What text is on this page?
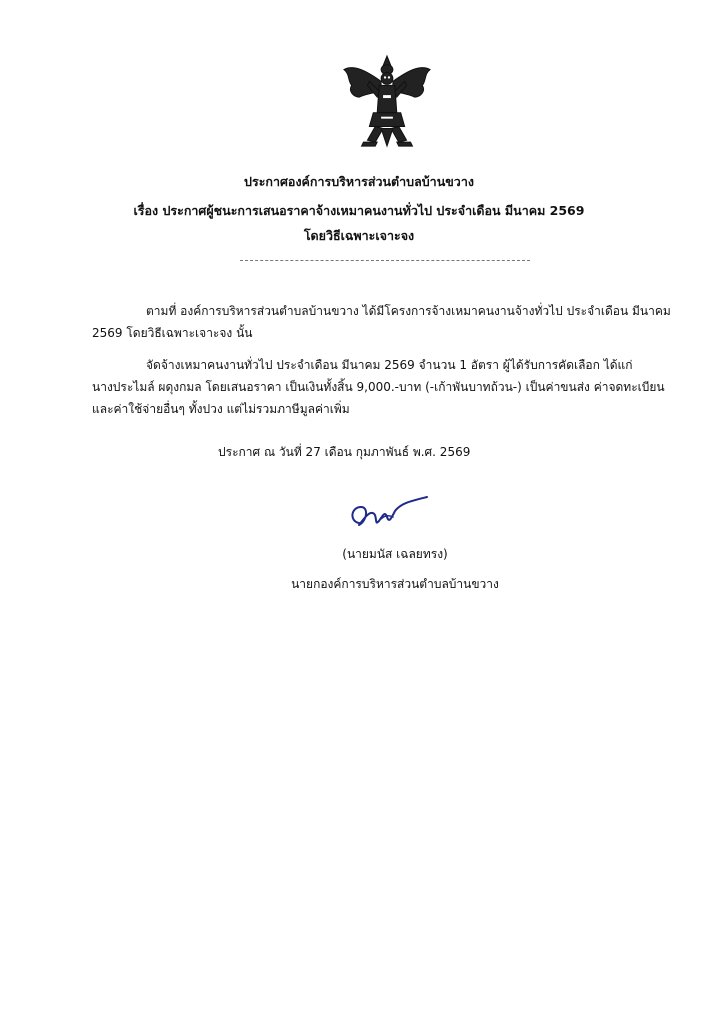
ประกาศองค์การบริหารส่วนตำบลบ้านขวาง
เรื่อง ประกาศผู้ชนะการเสนอราคาจ้างเหมาคนงานทั่วไป ประจำเดือน มีนาคม 2569
โดยวิธีเฉพาะเจาะจง
ตามที่ องค์การบริหารส่วนตำบลบ้านขวาง ได้มีโครงการจ้างเหมาคนงานจ้างทั่วไป ประจำเดือน มีนาคม
2569 โดยวิธีเฉพาะเจาะจง นั้น
จัดจ้างเหมาคนงานทั่วไป ประจำเดือน มีนาคม 2569 จำนวน 1 อัตรา ผู้ได้รับการคัดเลือก ได้แก่
นางประไมล์ ผดุงกมล โดยเสนอราคา เป็นเงินทั้งสิ้น 9,000.-บาท (-เก้าพันบาทถ้วน-) เป็นค่าขนส่ง ค่าจดทะเบียน
และค่าใช้จ่ายอื่นๆ ทั้งปวง แต่ไม่รวมภาษีมูลค่าเพิ่ม
ประกาศ ณ วันที่ 27 เดือน กุมภาพันธ์ พ.ศ. 2569
(นายมนัส เฉลยทรง)
นายกองค์การบริหารส่วนตำบลบ้านขวาง
